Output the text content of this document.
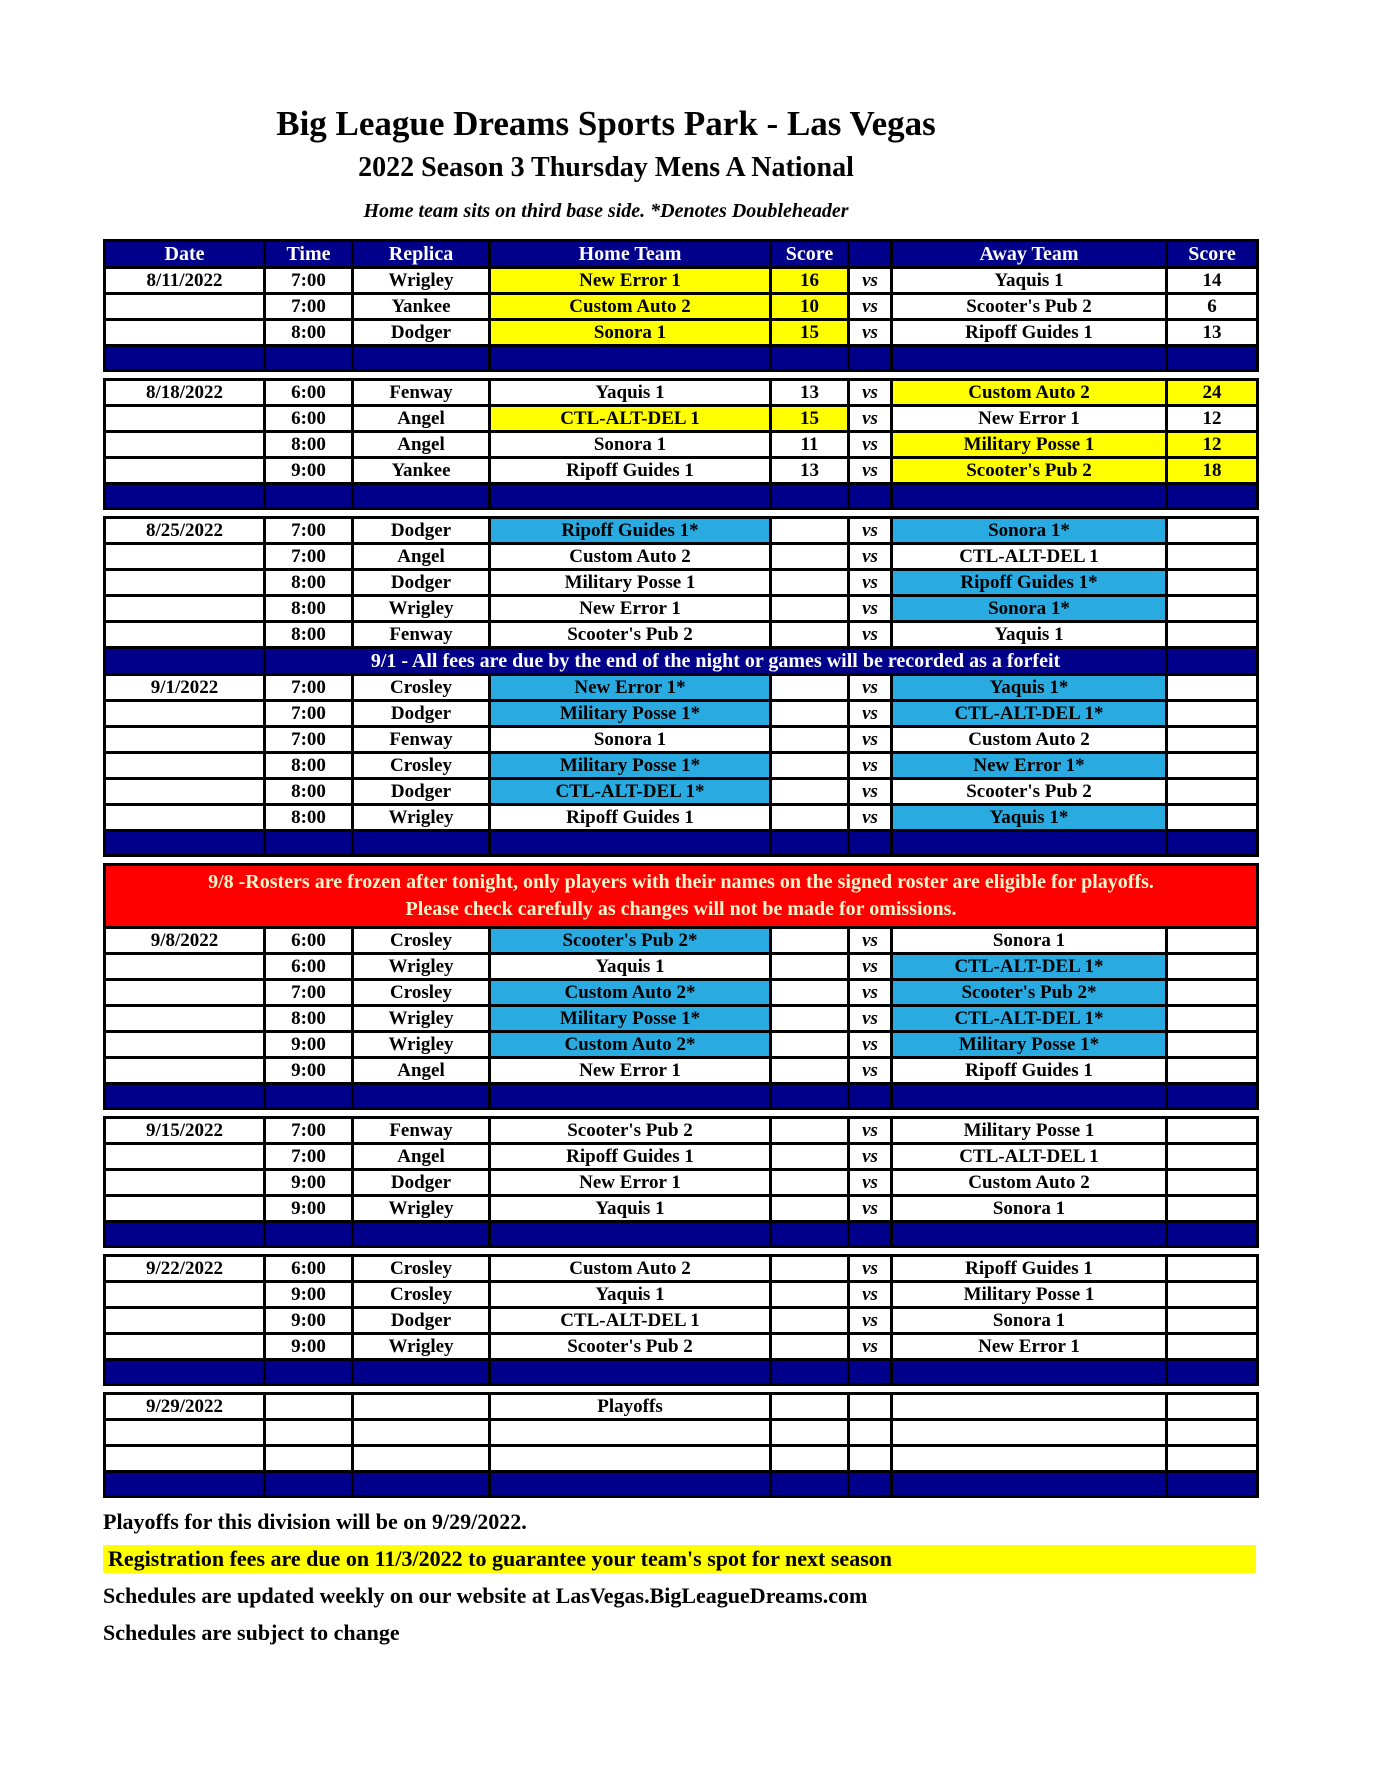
Big League Dreams Sports Park - Las Vegas
2022 Season 3 Thursday Mens A National
Home team sits on third base side. *Denotes Doubleheader
Date	Time	Replica	Home Team	Score		Away Team	Score
8/11/2022	7:00	Wrigley	New Error 1	16	vs	Yaquis 1	14
	7:00	Yankee	Custom Auto 2	10	vs	Scooter's Pub 2	6
	8:00	Dodger	Sonora 1	15	vs	Ripoff Guides 1	13

8/18/2022	6:00	Fenway	Yaquis 1	13	vs	Custom Auto 2	24
	6:00	Angel	CTL-ALT-DEL 1	15	vs	New Error 1	12
	8:00	Angel	Sonora 1	11	vs	Military Posse 1	12
	9:00	Yankee	Ripoff Guides 1	13	vs	Scooter's Pub 2	18

8/25/2022	7:00	Dodger	Ripoff Guides 1*		vs	Sonora 1*	
	7:00	Angel	Custom Auto 2		vs	CTL-ALT-DEL 1	
	8:00	Dodger	Military Posse 1		vs	Ripoff Guides 1*	
	8:00	Wrigley	New Error 1		vs	Sonora 1*	
	8:00	Fenway	Scooter's Pub 2		vs	Yaquis 1	
	9/1 - All fees are due by the end of the night or games will be recorded as a forfeit						
9/1/2022	7:00	Crosley	New Error 1*		vs	Yaquis 1*	
	7:00	Dodger	Military Posse 1*		vs	CTL-ALT-DEL 1*	
	7:00	Fenway	Sonora 1		vs	Custom Auto 2	
	8:00	Crosley	Military Posse 1*		vs	New Error 1*	
	8:00	Dodger	CTL-ALT-DEL 1*		vs	Scooter's Pub 2	
	8:00	Wrigley	Ripoff Guides 1		vs	Yaquis 1*	

9/8 -Rosters are frozen after tonight, only players with their names on the signed roster are eligible for playoffs.
Please check carefully as changes will not be made for omissions.							

9/8/2022	6:00	Crosley	Scooter's Pub 2*		vs	Sonora 1	
	6:00	Wrigley	Yaquis 1		vs	CTL-ALT-DEL 1*	
	7:00	Crosley	Custom Auto 2*		vs	Scooter's Pub 2*	
	8:00	Wrigley	Military Posse 1*		vs	CTL-ALT-DEL 1*	
	9:00	Wrigley	Custom Auto 2*		vs	Military Posse 1*	
	9:00	Angel	New Error 1		vs	Ripoff Guides 1	

9/15/2022	7:00	Fenway	Scooter's Pub 2		vs	Military Posse 1	
	7:00	Angel	Ripoff Guides 1		vs	CTL-ALT-DEL 1	
	9:00	Dodger	New Error 1		vs	Custom Auto 2	
	9:00	Wrigley	Yaquis 1		vs	Sonora 1	

9/22/2022	6:00	Crosley	Custom Auto 2		vs	Ripoff Guides 1	
	9:00	Crosley	Yaquis 1		vs	Military Posse 1	
	9:00	Dodger	CTL-ALT-DEL 1		vs	Sonora 1	
	9:00	Wrigley	Scooter's Pub 2		vs	New Error 1	

9/29/2022			Playoffs				

Playoffs for this division will be on 9/29/2022.
Registration fees are due on 11/3/2022 to guarantee your team's spot for next season
Schedules are updated weekly on our website at LasVegas.BigLeagueDreams.com
Schedules are subject to change
